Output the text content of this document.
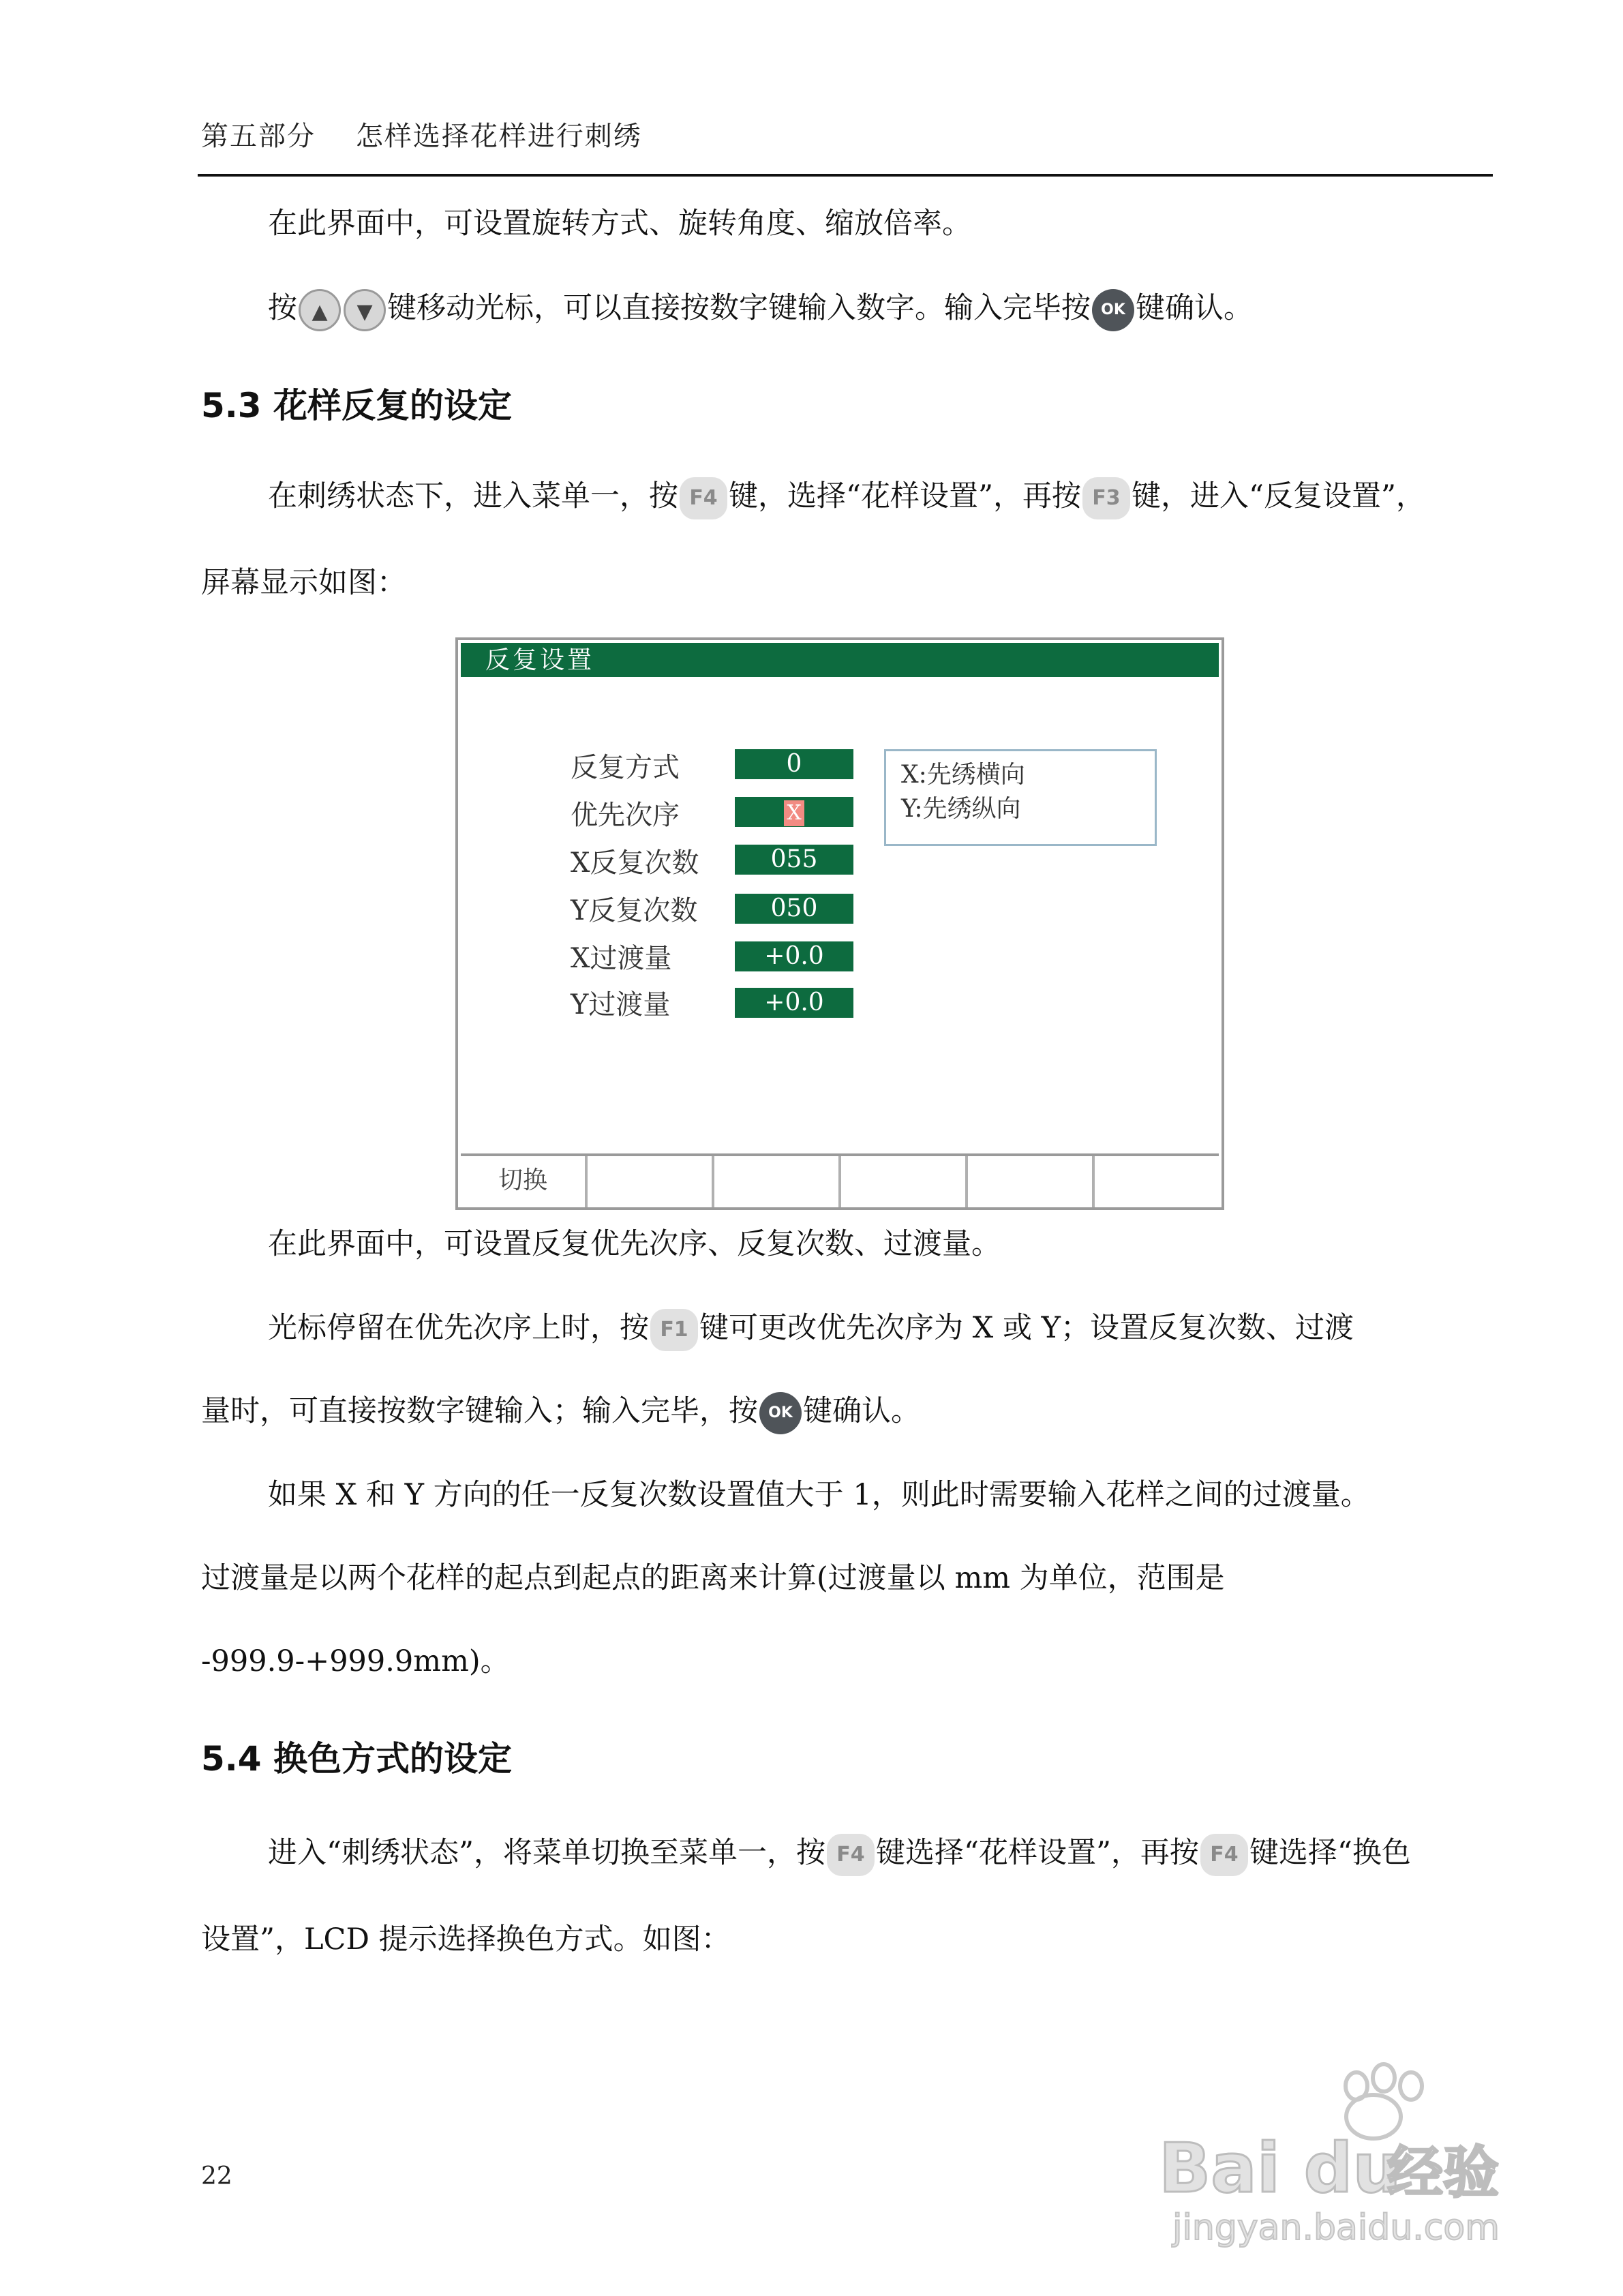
第五部分    怎样选择花样进行刺绣
在此界面中，可设置旋转方式、旋转角度、缩放倍率。
按 ▲ ▼ 键移动光标，可以直接按数字键输入数字。输入完毕按 OK 键确认。
5.3 花样反复的设定
在刺绣状态下，进入菜单一，按 F4 键，选择“花样设置”，再按 F3 键，进入“反复设置”，
屏幕显示如图：
反复设置
反复方式	0
优先次序	X
X反复次数	055
Y反复次数	050
X过渡量	+0.0
Y过渡量	+0.0
X:先绣横向
Y:先绣纵向
切换
在此界面中，可设置反复优先次序、反复次数、过渡量。
光标停留在优先次序上时，按 F1 键可更改优先次序为 X 或 Y；设置反复次数、过渡
量时，可直接按数字键输入；输入完毕，按 OK 键确认。
如果 X 和 Y 方向的任一反复次数设置值大于 1，则此时需要输入花样之间的过渡量。
过渡量是以两个花样的起点到起点的距离来计算(过渡量以 mm 为单位，范围是
-999.9-+999.9mm)。
5.4 换色方式的设定
进入“刺绣状态”，将菜单切换至菜单一，按 F4 键选择“花样设置”，再按 F4 键选择“换色
设置”，LCD 提示选择换色方式。如图：
22	Bai du
经验
jingyan.baidu.com
